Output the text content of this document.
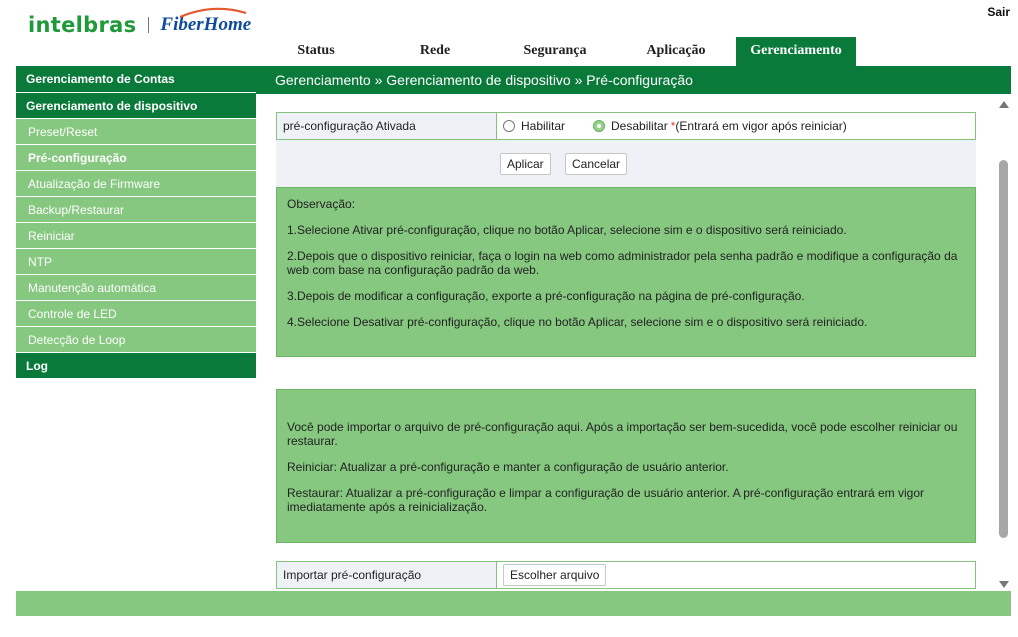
intelbras FiberHome
Sair
Status	Rede	Segurança	Aplicação	Gerenciamento
Gerenciamento » Gerenciamento de dispositivo » Pré-configuração
Gerenciamento de Contas
Gerenciamento de dispositivo
Preset/Reset
Pré-configuração
Atualização de Firmware
Backup/Restaurar
Reiniciar
NTP
Manutenção automática
Controle de LED
Detecção de Loop
Log
pré-configuração Ativada	Habilitar	Desabilitar * (Entrará em vigor após reiniciar)
Aplicar	Cancelar

Observação:

1.Selecione Ativar pré-configuração, clique no botão Aplicar, selecione sim e o dispositivo será reiniciado.

2.Depois que o dispositivo reiniciar, faça o login na web como administrador pela senha padrão e modifique a configuração da web com base na configuração padrão da web.

3.Depois de modificar a configuração, exporte a pré-configuração na página de pré-configuração.

4.Selecione Desativar pré-configuração, clique no botão Aplicar, selecione sim e o dispositivo será reiniciado.

Você pode importar o arquivo de pré-configuração aqui. Após a importação ser bem-sucedida, você pode escolher reiniciar ou restaurar.

Reiniciar: Atualizar a pré-configuração e manter a configuração de usuário anterior.

Restaurar: Atualizar a pré-configuração e limpar a configuração de usuário anterior. A pré-configuração entrará em vigor imediatamente após a reinicialização.

Importar pré-configuração	Escolher arquivo
